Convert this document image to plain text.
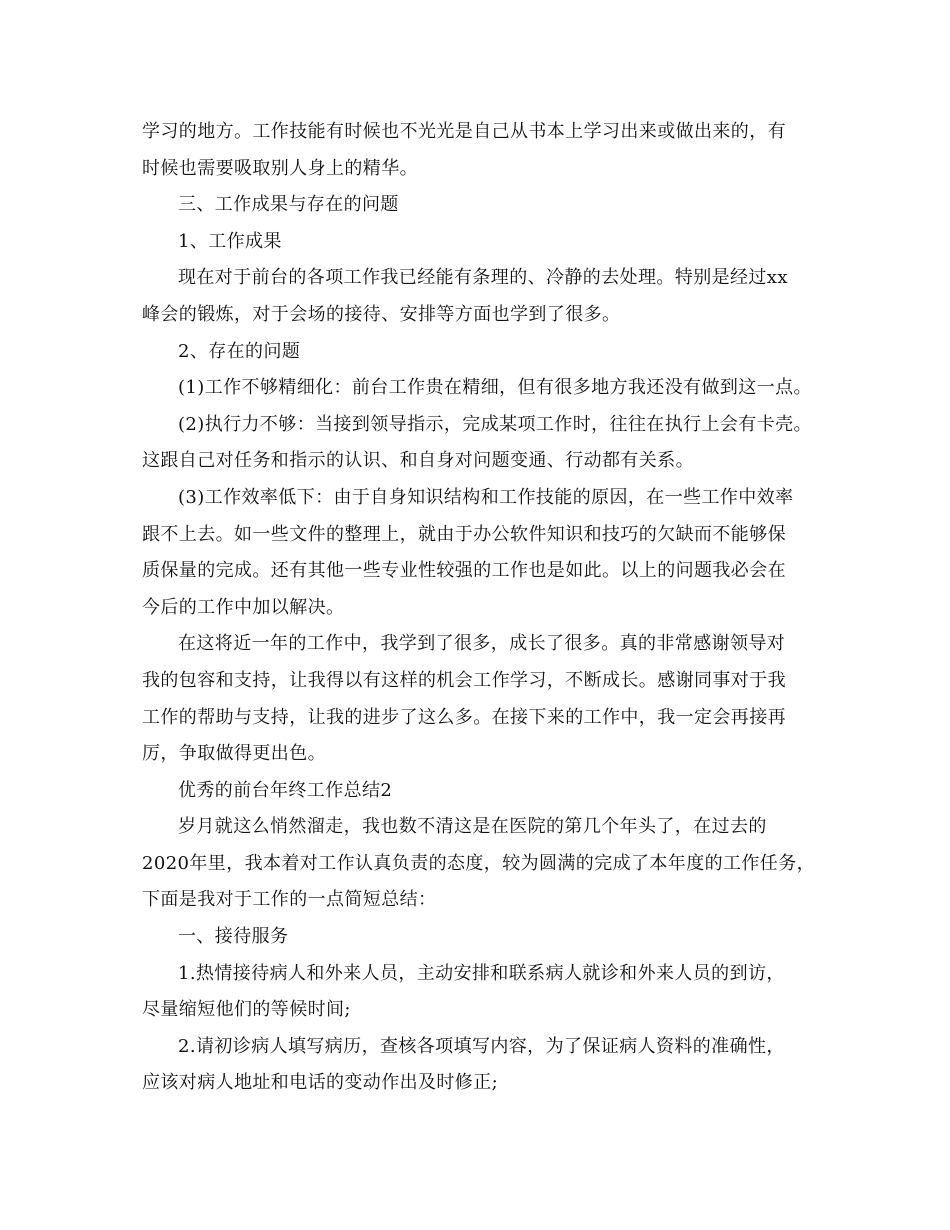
学习的地方。工作技能有时候也不光光是自己从书本上学习出来或做出来的，有
时候也需要吸取别人身上的精华。
三、工作成果与存在的问题
1、工作成果
现在对于前台的各项工作我已经能有条理的、冷静的去处理。特别是经过xx
峰会的锻炼，对于会场的接待、安排等方面也学到了很多。
2、存在的问题
(1)工作不够精细化：前台工作贵在精细，但有很多地方我还没有做到这一点。
(2)执行力不够：当接到领导指示，完成某项工作时，往往在执行上会有卡壳。
这跟自己对任务和指示的认识、和自身对问题变通、行动都有关系。
(3)工作效率低下：由于自身知识结构和工作技能的原因，在一些工作中效率
跟不上去。如一些文件的整理上，就由于办公软件知识和技巧的欠缺而不能够保
质保量的完成。还有其他一些专业性较强的工作也是如此。以上的问题我必会在
今后的工作中加以解决。
在这将近一年的工作中，我学到了很多，成长了很多。真的非常感谢领导对
我的包容和支持，让我得以有这样的机会工作学习，不断成长。感谢同事对于我
工作的帮助与支持，让我的进步了这么多。在接下来的工作中，我一定会再接再
厉，争取做得更出色。
优秀的前台年终工作总结2
岁月就这么悄然溜走，我也数不清这是在医院的第几个年头了，在过去的
2020年里，我本着对工作认真负责的态度，较为圆满的完成了本年度的工作任务，
下面是我对于工作的一点简短总结：
一、接待服务
1.热情接待病人和外来人员，主动安排和联系病人就诊和外来人员的到访，
尽量缩短他们的等候时间;
2.请初诊病人填写病历，查核各项填写内容，为了保证病人资料的准确性，
应该对病人地址和电话的变动作出及时修正;
